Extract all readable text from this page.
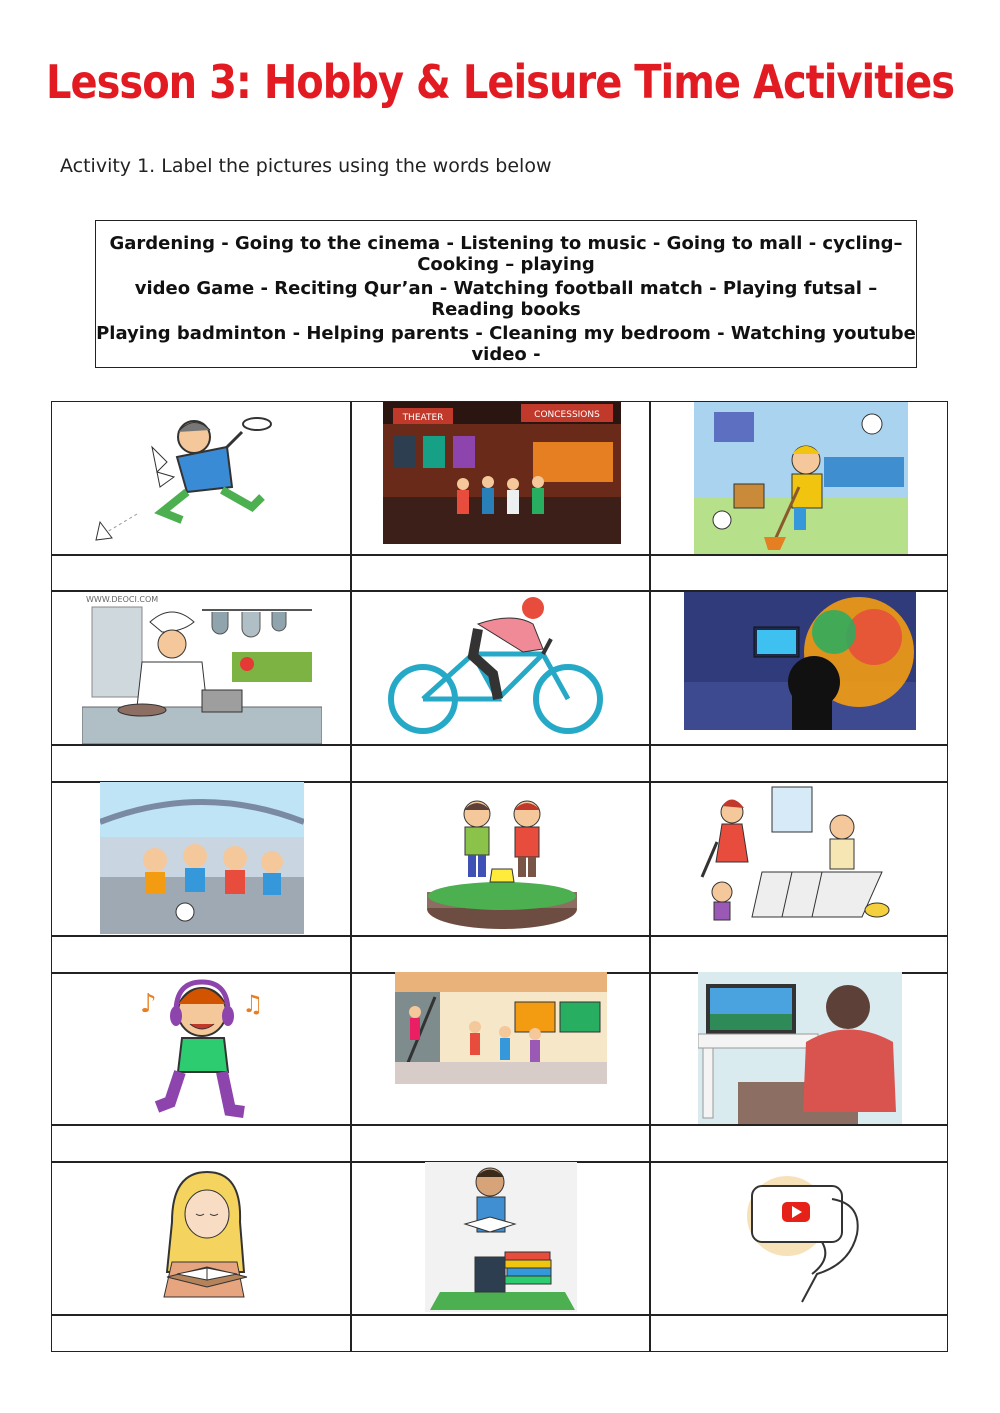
Lesson 3: Hobby & Leisure Time Activities
Activity 1. Label the pictures using the words below
Gardening - Going to the cinema - Listening to music - Going to mall - cycling– Cooking – playing
video Game - Reciting Qur’an - Watching football match - Playing futsal – Reading books
Playing badminton - Helping parents - Cleaning my bedroom - Watching youtube video -
THEATER	CONCESSIONS
WWW.DEOCI.COM
♪	♫
